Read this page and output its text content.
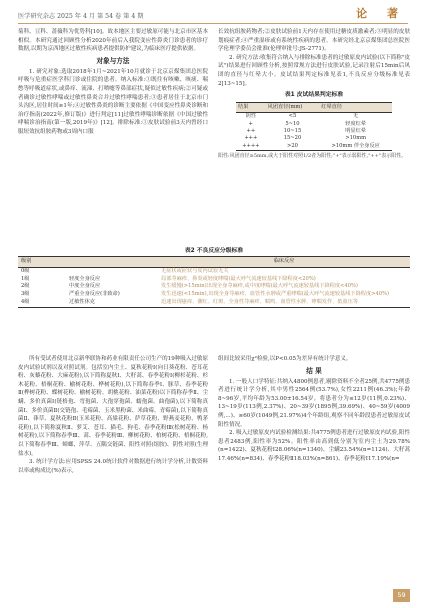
医学研究杂志 2025 年 4 月 第 54 卷 第 4 期	论 著

菊科、豆科、蔷薇科为优势科[10]。故本地区主要过敏原可能与北京市区基本相似。本研究通过回顾性分析2020年前后入我院变应性鼻炎门诊患者的诊疗数据,以期为京西地区过敏性疾病患者提供防护建议,为临床医疗提供依据。

对象与方法

1. 研究对象:选取2018年1月~2021年10月就诊于北京京煤集团总医院呼吸与危重症医学科门诊或住院的患者。纳入标准:①既往有咳嗽、咳痰、喘憋等呼吸道症状,或鼻痒、流涕、打喷嚏等鼻部症状,疑似过敏性疾病;②可疑或者确诊过敏性哮喘或过敏性鼻炎合并过敏性哮喘患者;③患者居住于北京市门头沟区,居住时间≥1年;④过敏性鼻炎的诊断主要依据《中国变应性鼻炎诊断和治疗指南(2022年,修订版)》进行判定[11]过敏性哮喘诊断依据《中国过敏性哮喘诊治指南(第一版,2019年)》[12]。排除标准:①皮肤试验前3天内曾经口服短效抗组胺药物或3周内口服

长效抗组胺药物者;②皮肤试验前1天内存在使用过糖皮质激素者;③明显的皮肤划痕症者;④严重湿疹或有系统性疾病的患者。本研究经北京京煤集团总医院医学伦理学委员会批准(伦理审批号:JS-2771)。

2. 研究方法:收集符合纳入与排除标准患者的过敏原皮内试验(以下简称"皮试")结果进行回顾性分析,按照常规方法进行皮肤试验,记录注射后15min后风团的直径与红晕大小。皮试结果判定标准见表1,不良反应分级标准见表2[13~15]。

表1 皮试结果判定标准
结果	风团直径(mm)	红晕直径
阴性	<5	无
+	5~10	轻度红晕
++	10~15	明显红晕
+++	15~20	>10mm
++++	>20	>10mm 伴全身反应
阳性:风团直径≥5mm,或大于阳性对照1/2者为阳性;"+"表示弱阳性,"++"表示阳性。
表2 不良反应分级标准
级别		临床反应
0级		无症状或症状与皮内试验无关
1级	轻度全身反应	局部荨麻疹、鼻炎或轻度哮喘(最大呼气流速较基线下降程度<20%)
2级	中度全身反应	发生缓慢(>15min)出现全身荨麻疹,或中度哮喘(最大呼气流速较基线下降程度<40%)
3级	严重全身反应(非致命)	发生迅速(<15min),出现全身荨麻疹、血管性水肿或严重哮喘(最大呼气流速较基线下降程度>40%)
4级	过敏性休克	迅速出现瘙痒、潮红、红斑、全身性荨麻疹、喘鸣、血管性水肿、哮喘发作、低血压等

所有受试者使用北京新华联协和药业有限责任公司生产的19种吸入过敏原皮内试验试剂以及对照试剂。包括室内尘土、夏秋花粉Ⅰ(向日葵花粉、苍耳花粉、灰藜花粉、大麻花粉),以下简称夏秋Ⅰ、大籽蒿、春季花粉Ⅰ(柳杉花粉、杉木花粉、梧桐花粉、榆树花粉、桦树花粉),以下简称春季Ⅰ、豚草、春季花粉Ⅱ(桦树花粉、蝶树花粉、榆树花粉、胡桃花粉、油菜花粉)以下简称春季Ⅱ、尘螨、多价真菌Ⅰ(链格孢、弯孢菌、大孢穿孢菌、蠕孢菌、曲孢菌),以下简称真菌Ⅰ、多价真菌Ⅱ(交链孢、毛霉菌、玉米黑粉菌、米曲霉、青霉菌),以下简称真菌Ⅱ、葎草、夏秋花粉Ⅱ(玉米花粉、高粱花粉、萨草花粉、野燕麦花粉、鸭茅花粉),以下简称夏秋Ⅱ、萝艾、苍耳、猫毛、狗毛、春季花粉Ⅲ(松树花粉、杨树花粉),以下简称春季Ⅲ、蒿、春季花粉Ⅲ、柳树花粉、柏树花粉、梧桐花粉,以下简称春季Ⅲ、蟑螂、萍草、五隅交链菌、阳性对照(组胺)、阴性对照(生理盐水)。

3. 统计学方法:应用SPSS 24.0统计软件对数据进行统计学分析,计数资料以率或构成比(%)表示,

组间比较采用χ²检验,以P<0.05为差异有统计学意义。

结 果

1. 一般人口学特征:共纳入4800例患者,剔除资料不全者25例,共4775例患者进行统计学分析,其中男性2564例(53.7%),女性2211例(46.3%);年龄8~96岁,平均年龄为53.00±16.54岁。将患者分为≤12岁(11例,0.23%)、13~19岁(113例,2.37%)、20~39岁(1895例,39.69%)、40~59岁(4009例,...)、≥60岁(1049例,21.97%)4个年龄组,观察不同年龄段患者过敏原皮试阳性情况。

2. 吸入过敏原皮内试验检测结果:共4775例患者进行过敏原皮内试验,阳性患者2483例,阳性率为52%。阳性率由高到低分别为室内尘土为29.78%(n=1422)、夏秋花粉Ⅰ28.06%(n=1340)、尘螨23.54%(n=1124)、大籽蒿17.46%(n=834)、春季花粉Ⅱ18.03%(n=861)、春季花粉Ⅰ17.19%(n=

59
